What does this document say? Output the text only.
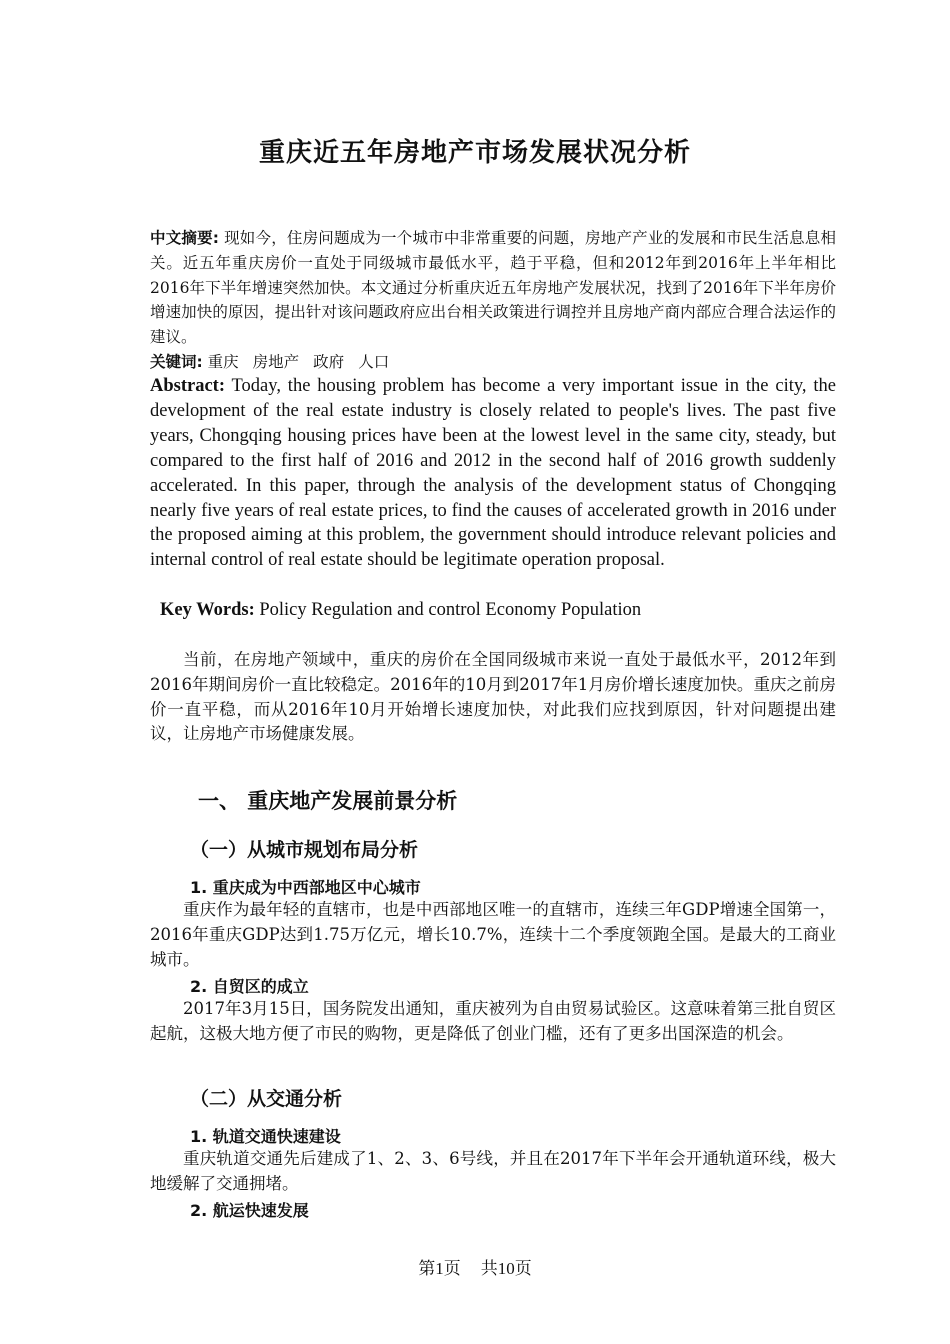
重庆近五年房地产市场发展状况分析
中文摘要: 现如今，住房问题成为一个城市中非常重要的问题，房地产产业的发展和市民生活息息相关。近五年重庆房价一直处于同级城市最低水平，趋于平稳，但和2012年到2016年上半年相比2016年下半年增速突然加快。本文通过分析重庆近五年房地产发展状况，找到了2016年下半年房价增速加快的原因，提出针对该问题政府应出台相关政策进行调控并且房地产商内部应合理合法运作的建议。
关键词: 重庆 房地产 政府 人口
Abstract: Today, the housing problem has become a very important issue in the city, the development of the real estate industry is closely related to people's lives. The past five years, Chongqing housing prices have been at the lowest level in the same city, steady, but compared to the first half of 2016 and 2012 in the second half of 2016 growth suddenly accelerated. In this paper, through the analysis of the development status of Chongqing nearly five years of real estate prices, to find the causes of accelerated growth in 2016 under the proposed aiming at this problem, the government should introduce relevant policies and internal control of real estate should be legitimate operation proposal.
Key Words: Policy Regulation and control Economy Population
当前，在房地产领域中，重庆的房价在全国同级城市来说一直处于最低水平，2012年到2016年期间房价一直比较稳定。2016年的10月到2017年1月房价增长速度加快。重庆之前房价一直平稳，而从2016年10月开始增长速度加快，对此我们应找到原因，针对问题提出建议，让房地产市场健康发展。
一、 重庆地产发展前景分析
（一）从城市规划布局分析
1. 重庆成为中西部地区中心城市
重庆作为最年轻的直辖市，也是中西部地区唯一的直辖市，连续三年GDP增速全国第一，2016年重庆GDP达到1.75万亿元，增长10.7%，连续十二个季度领跑全国。是最大的工商业城市。
2. 自贸区的成立
2017年3月15日，国务院发出通知，重庆被列为自由贸易试验区。这意味着第三批自贸区起航，这极大地方便了市民的购物，更是降低了创业门槛，还有了更多出国深造的机会。
（二）从交通分析
1. 轨道交通快速建设
重庆轨道交通先后建成了1、2、3、6号线，并且在2017年下半年会开通轨道环线，极大地缓解了交通拥堵。
2. 航运快速发展
第1页 共10页
